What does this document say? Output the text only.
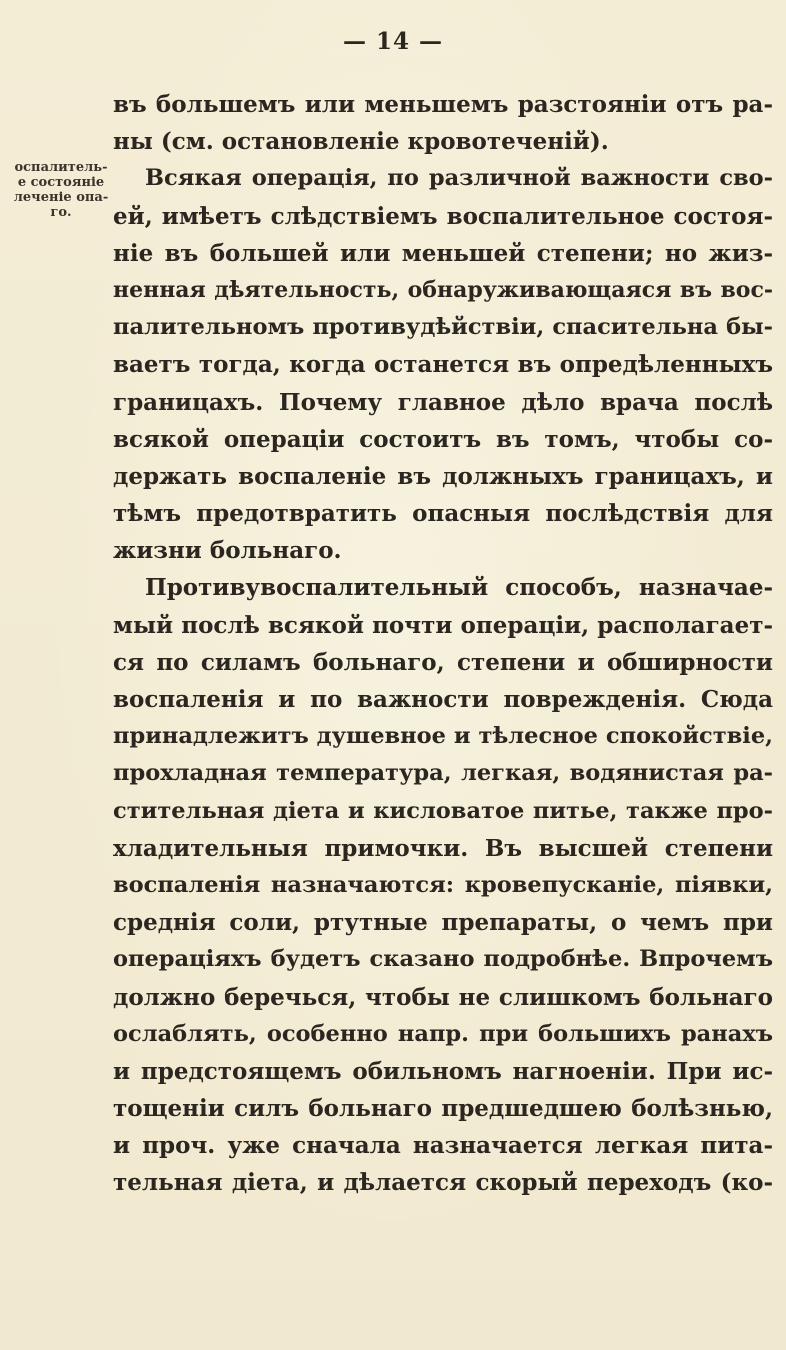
— 14 —
оспалитель-
е состояніе
леченіе опа-
го.
въ большемъ или меньшемъ разстояніи отъ ра-
ны (см. остановленіе кровотеченій).
Всякая операція, по различной важности сво-
ей, имѣетъ слѣдствіемъ воспалительное состоя-
ніе въ большей или меньшей степени; но жиз-
ненная дѣятельность, обнаруживающаяся въ вос-
палительномъ противудѣйствіи, спасительна бы-
ваетъ тогда, когда останется въ опредѣленныхъ
границахъ. Почему главное дѣло врача послѣ
всякой операціи состоитъ въ томъ, чтобы со-
держать воспаленіе въ должныхъ границахъ, и
тѣмъ предотвратить опасныя послѣдствія для
жизни больнаго.
Противувоспалительный способъ, назначае-
мый послѣ всякой почти операціи, располагает-
ся по силамъ больнаго, степени и обширности
воспаленія и по важности поврежденія. Сюда
принадлежитъ душевное и тѣлесное спокойствіе,
прохладная температура, легкая, водянистая ра-
стительная діета и кисловатое питье, также про-
хладительныя примочки. Въ высшей степени
воспаленія назначаются: кровепусканіе, піявки,
среднія соли, ртутные препараты, о чемъ при
операціяхъ будетъ сказано подробнѣе. Впрочемъ
должно беречься, чтобы не слишкомъ больнаго
ослаблять, особенно напр. при большихъ ранахъ
и предстоящемъ обильномъ нагноеніи. При ис-
тощеніи силъ больнаго предшедшею болѣзнью,
и проч. уже сначала назначается легкая пита-
тельная діета, и дѣлается скорый переходъ (ко-
